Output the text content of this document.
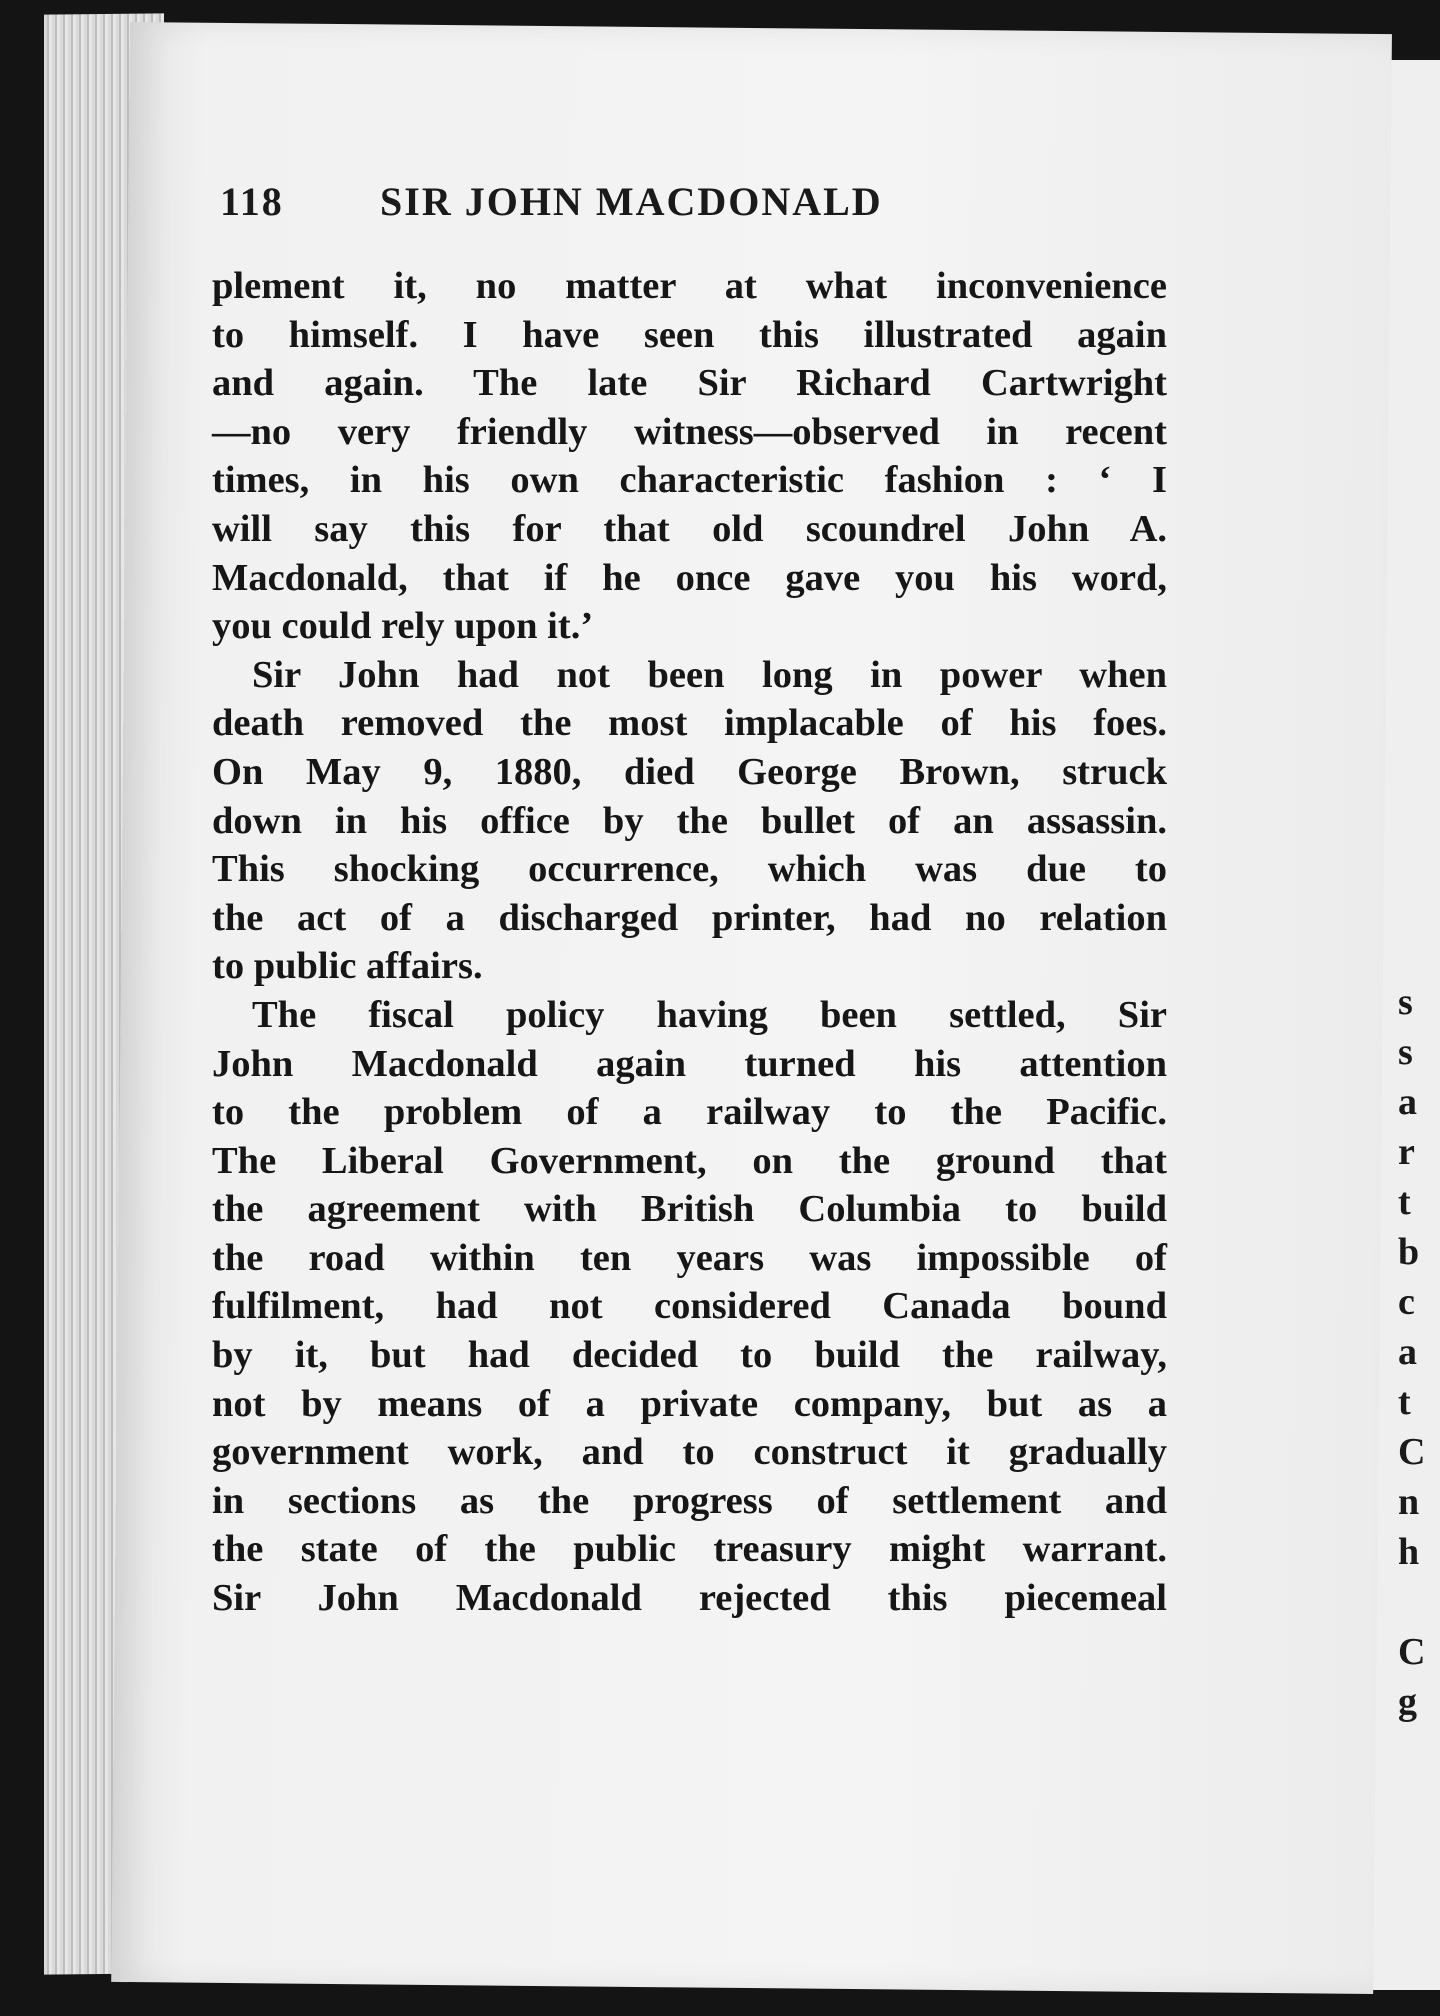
s
s
a
r
t
b
c
a
t
C
n
h
C
g
118 SIR JOHN MACDONALD
plement it, no matter at what inconvenience
to himself. I have seen this illustrated again
and again. The late Sir Richard Cartwright
—no very friendly witness—observed in recent
times, in his own characteristic fashion : ‘ I
will say this for that old scoundrel John A.
Macdonald, that if he once gave you his word,
you could rely upon it.’
Sir John had not been long in power when
death removed the most implacable of his foes.
On May 9, 1880, died George Brown, struck
down in his office by the bullet of an assassin.
This shocking occurrence, which was due to
the act of a discharged printer, had no relation
to public affairs.
The fiscal policy having been settled, Sir
John Macdonald again turned his attention
to the problem of a railway to the Pacific.
The Liberal Government, on the ground that
the agreement with British Columbia to build
the road within ten years was impossible of
fulfilment, had not considered Canada bound
by it, but had decided to build the railway,
not by means of a private company, but as a
government work, and to construct it gradually
in sections as the progress of settlement and
the state of the public treasury might warrant.
Sir John Macdonald rejected this piecemeal
